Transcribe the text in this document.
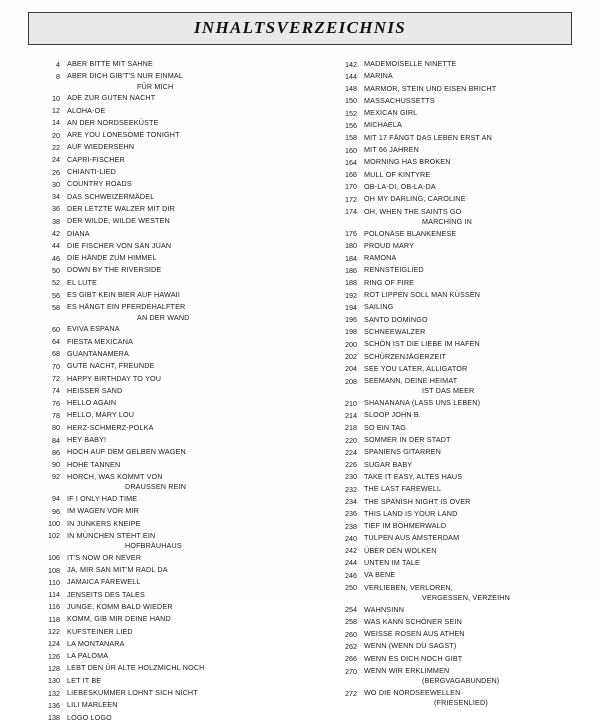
INHALTSVERZEICHNIS
4 ABER BITTE MIT SAHNE
8 ABER DICH GIB'T'S NUR EINMAL
FÜR MICH
10 ADE ZUR GUTEN NACHT
12 ALOHA-OE
14 AN DER NORDSEEKÜSTE
20 ARE YOU LONESOME TONIGHT
22 AUF WIEDERSEHN
24 CAPRI-FISCHER
26 CHIANTI-LIED
30 COUNTRY ROADS
34 DAS SCHWEIZERMÄDEL
36 DER LETZTE WALZER MIT DIR
38 DER WILDE, WILDE WESTEN
42 DIANA
44 DIE FISCHER VON SAN JUAN
46 DIE HÄNDE ZUM HIMMEL
50 DOWN BY THE RIVERSIDE
52 EL LUTE
56 ES GIBT KEIN BIER AUF HAWAII
58 ES HÄNGT EIN PFERDEHALFTER
AN DER WAND
60 EVIVA ESPANA
64 FIESTA MEXICANA
68 GUANTANAMERA
70 GUTE NACHT, FREUNDE
72 HAPPY BIRTHDAY TO YOU
74 HEISSER SAND
76 HELLO AGAIN
78 HELLO, MARY LOU
80 HERZ-SCHMERZ-POLKA
84 HEY BABY!
86 HOCH AUF DEM GELBEN WAGEN
90 HOHE TANNEN
92 HORCH, WAS KOMMT VON
DRAUSSEN REIN
94 IF I ONLY HAD TIME
96 IM WAGEN VOR MIR
100 IN JUNKERS KNEIPE
102 IN MÜNCHEN STEHT EIN
HOFBRÄUHAUS
106 IT'S NOW OR NEVER
108 JA, MIR SAN MIT'M RADL DA
110 JAMAICA FAREWELL
114 JENSEITS DES TALES
116 JUNGE, KOMM BALD WIEDER
118 KOMM, GIB MIR DEINE HAND
122 KUFSTEINER LIED
124 LA MONTANARA
126 LA PALOMA
128 LEBT DEN ÜR ALTE HOLZMICHL NOCH
130 LET IT BE
132 LIEBESKUMMER LOHNT SICH NICHT
136 LILI MARLEEN
138 LOGO LOGO
142 MADEMOISELLE NINETTE
144 MARINA
148 MARMOR, STEIN UND EISEN BRICHT
150 MASSACHUSSETTS
152 MEXICAN GIRL
156 MICHAELA
158 MIT 17 FÄNGT DAS LEBEN ERST AN
160 MIT 66 JAHREN
164 MORNING HAS BROKEN
166 MULL OF KINTYRE
170 OB-LA-DI, OB-LA-DA
172 OH MY DARLING, CAROLINE
174 OH, WHEN THE SAINTS GO
MARCHING IN
176 POLONÄSE BLANKENESE
180 PROUD MARY
184 RAMONA
186 RENNSTEIGLIED
188 RING OF FIRE
192 ROT LIPPEN SOLL MAN KÜSSEN
194 SAILING
196 SANTO DOMINGO
198 SCHNEEWALZER
200 SCHÖN IST DIE LIEBE IM HAFEN
202 SCHÜRZENJÄGERZEIT
204 SEE YOU LATER, ALLIGATOR
208 SEEMANN, DEINE HEIMAT
IST DAS MEER
210 SHANANANA (LASS UNS LEBEN)
214 SLOOP JOHN B.
218 SO EIN TAG
220 SOMMER IN DER STADT
224 SPANIENS GITARREN
226 SUGAR BABY
230 TAKE IT EASY, ALTES HAUS
232 THE LAST FAREWELL
234 THE SPANISH NIGHT IS OVER
236 THIS LAND IS YOUR LAND
238 TIEF IM BÖHMERWALD
240 TULPEN AUS AMSTERDAM
242 ÜBER DEN WOLKEN
244 UNTEN IM TALE
246 VA BENE
250 VERLIEBEN, VERLOREN,
VERGESSEN, VERZEIHN
254 WAHNSINN
258 WAS KANN SCHÖNER SEIN
260 WEISSE ROSEN AUS ATHEN
262 WENN (WENN DU SAGST)
266 WENN ES DICH NOCH GIBT
270 WENN WIR ERKLIMMEN
(BERGVAGABUNDEN)
272 WO DIE NORDSEEWELLEN
(FRIESENLIED)
